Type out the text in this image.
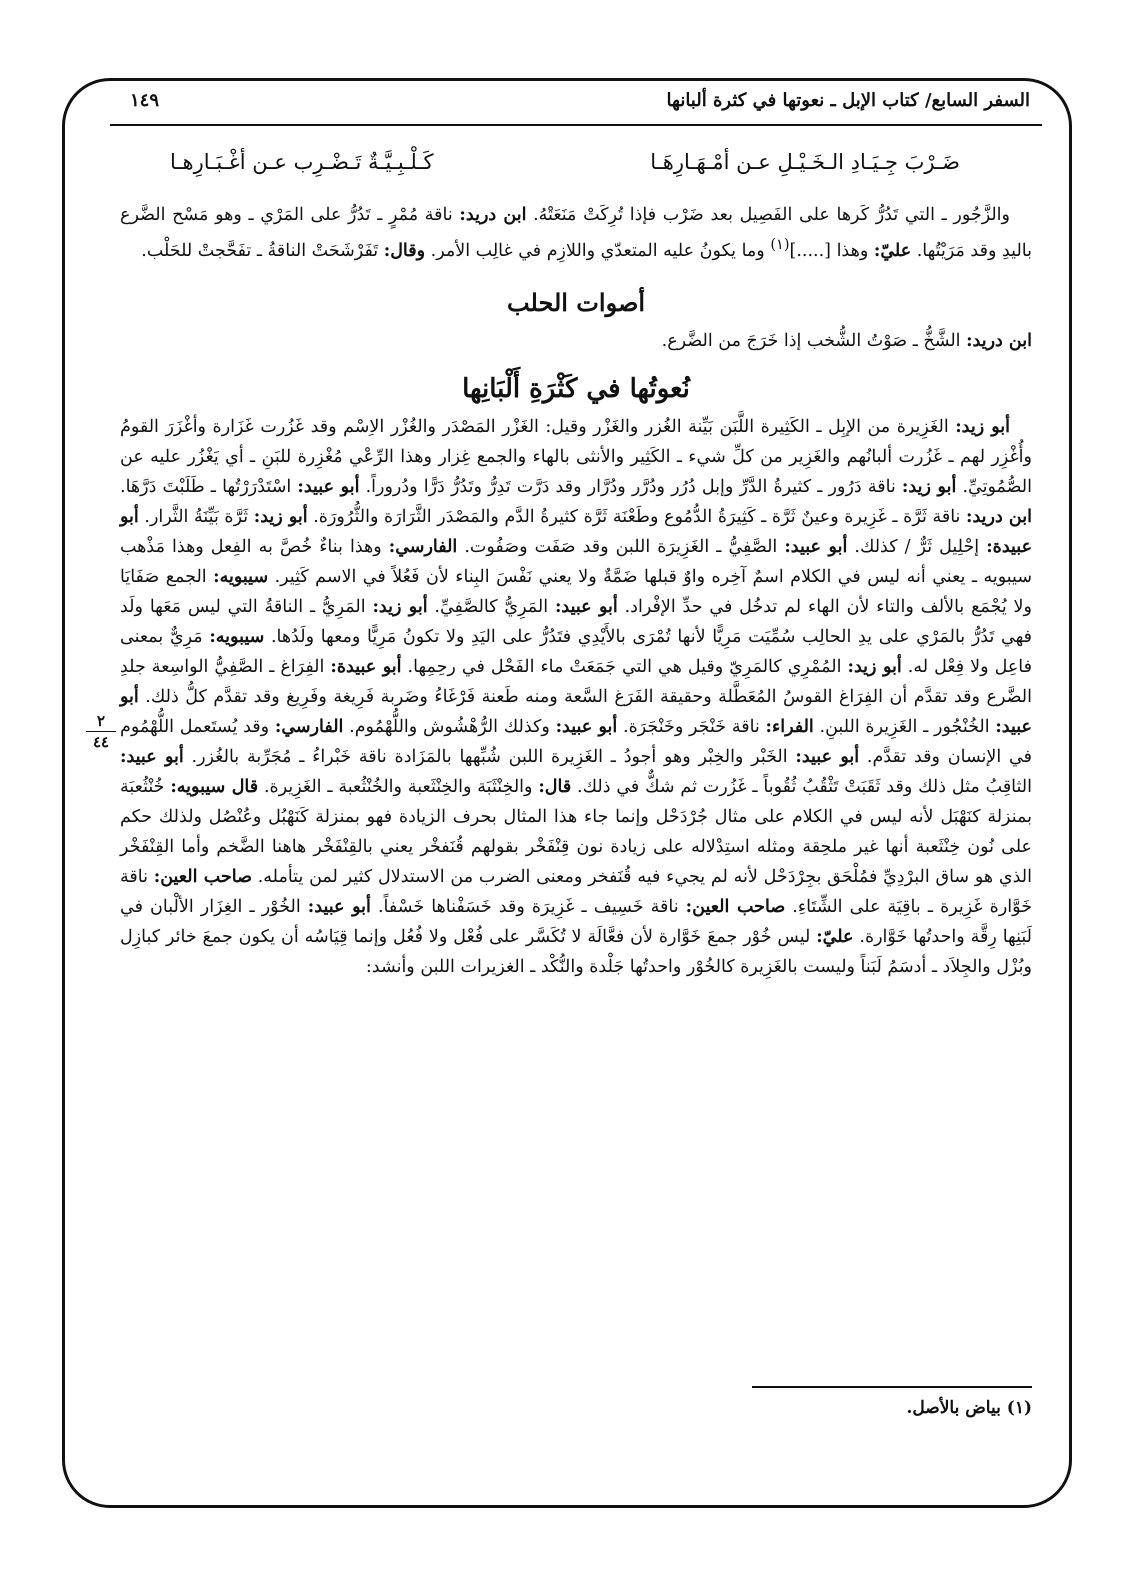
السفر السابع/ كتاب الإبل ـ نعوتها في كثرة ألبانها
١٤٩
ضَـرْبَ جِـيَـادِ الـخَـيْـلِ عـن أمْـهَـارِهَـا
كَـلْـبِـيَّـةٌ تَـضْـرِب عـن أغْـبَـارِهـا

والزَّجُور ـ التي تَدُرُّ كَرها على الفَصِيل بعد ضَرْب فإذا تُرِكَتْ مَنَعَتْهُ. ابن دريد: ناقة مُمْرٍ ـ تَدُرُّ على المَرْي ـ وهو مَسْح الضَّرع باليدِ وقد مَرَيْتُها. عليّ: وهذا [.....]$^{(١)}$ وما يكونُ عليه المتعدّي واللازِم في غالِب الأمر. وقال: تَفَرْشَحَتْ الناقةُ ـ تفَحَّجتْ للحَلْب.

أصوات الحلب

ابن دريد: الشَّخُّ ـ صَوْتُ الشُّخب إذا خَرَجَ من الضَّرع.

نُعوتُها في كَثْرَةِ أَلْبَانِها

أبو زيد: الغَزِيرة من الإبِل ـ الكَثِيرة اللَّبَن بَيِّنة الغُزر والغَزْر وقيل: الغَزْر المَصْدَر والغُزْر الاِسْم وقد غَزُرت غَزَارة وأغْزَرَ القومُ وأُغْزِر لهم ـ غَزُرت ألبانُهم والغَزِير من كلِّ شيء ـ الكَثِير والأنثى بالهاء والجمع غِزار وهذا الرِّعْي مُغْزِرة للبَنِ ـ أي يَغْزُر عليه عن الصُّمُوتِيِّ. أبو زيد: ناقة دَرُور ـ كثيرةُ الدَّرِّ وإبل دُرُر ودُرَّر ودُرَّار وقد دَرَّت تَدِرُّ وتَدُرُّ دَرًّا ودُروراً. أبو عبيد: اسْتَدْرَرْتُها ـ طَلَبْتَ دَرَّهَا. ابن دريد: ناقة ثَرَّة ـ غَزِيرة وعينٌ ثَرَّة ـ كَثِيرَةُ الدُّمُوع وطَعْنَة ثَرَّة كثيرةُ الدَّم والمَصْدَر الثَّرَارَة والثُّرُورَة. أبو زيد: ثَرَّة بَيِّنَةُ الثَّرار. أبو عبيدة: إحْلِيل ثَرٌّ / كذلك. أبو عبيد: الصَّفِيُّ ـ الغَزِيرَة اللبن وقد صَفَت وصَفُوت. الفارسي: وهذا بناءٌ خُصَّ به الفِعل وهذا مَذْهب سيبويه ـ يعني أنه ليس في الكلام اسمٌ آخِره واوٌ قبلها ضَمَّةٌ ولا يعني نَفْسَ البِناء لأن فَعُلاً في الاسم كَثِير. سيبويه: الجمع صَفَايَا ولا يُجْمَع بالألف والتاء لأن الهاء لم تدخُل في حدِّ الإفْراد. أبو عبيد: المَرِيُّ كالصَّفِيِّ. أبو زيد: المَرِيُّ ـ الناقةُ التي ليس مَعَها ولَد فهي تَدُرُّ بالمَرْي على يدِ الحالِب سُمِّيَت مَرِيًّا لأنها تُمْرَى بالأَيْدِي فتَدُرُّ على اليَدِ ولا تكونُ مَرِيًّا ومعها ولَدُها. سيبويه: مَرِيٌّ بمعنى فاعِل ولا فِعْل له. أبو زيد: المُمْرِي كالمَرِيّ وقيل هي التي جَمَعَتْ ماء الفَحْل في رحِمِها. أبو عبيدة: الفِرَاغ ـ الصَّفِيُّ الواسِعة جلدِ الضَّرع وقد تقدَّم أن الفِرَاغ القوسُ المُعَطَّلة وحقيقة الفَرَغ السَّعة ومنه طَعنة فَرْغَاءُ وضَربة فَرِيغة وفَرِيغ وقد تقدَّم كلُّ ذلك. أبو عبيد: الخُنْجُور ـ الغَزِيرة اللبنِ. الفراء: ناقة خَنْجَر وخَنْجَرَة. أبو عبيد: وكذلك الرُّهْشُوش واللُّهْمُوم. الفارسي: وقد يُستَعمل اللُّهْمُوم في الإنسان وقد تقدَّم. أبو عبيد: الخَبْر والخِبْر وهو أجودُ ـ الغَزِيرة اللبن شُبِّهها بالمَزَادة ناقة خَبْراءُ ـ مُجَرِّبة بالغُزر. أبو عبيد: الثاقِبُ مثل ذلك وقد ثَقَبَتْ تَثْقُبُ ثُقُوباً ـ غَزُرت ثم شكٌّ في ذلك. قال: والخِنْثَبَة والخِنْثَعبة والخُنْثُعبة ـ الغَزِيرة. قال سيبويه: خُنْثُعبَة بمنزلة كنَهْبَل لأنه ليس في الكلام على مثال جُرْدَحْل وإنما جاء هذا المثال بحرف الزيادة فهو بمنزلة كَنَهْبُل وعُنْصُل ولذلك حكم على نُون خِنْثَعبة أنها غير ملحِقة ومثله استِدْلاله على زيادة نون قِنْفَخْر بقولهم قُنَفخْر يعني بالقِنْفَخْر هاهنا الضَّخم وأما القِنْفَخْر الذي هو ساق البرْدِيِّ فمُلْحَق بجِرْدَحْل لأنه لم يجيء فيه قُنَفخر ومعنى الضرب من الاستدلال كثير لمن يتأمله. صاحب العين: ناقة خَوَّارة غَزِيرة ـ باقِيَة على الشِّتَاءِ. صاحب العين: ناقة خَسِيف ـ غَزِيرَة وقد خَسَفْناها خَسْفاً. أبو عبيد: الخُوْر ـ الغِزَار الألْبان في لَبَنِها رِقَّة واحدتُها خَوَّارة. عليّ: ليس خُوْر جمعَ خَوَّارة لأن فعَّالَة لا تُكَسَّر على فُعْل ولا فُعُل وإنما قِيَاسُه أن يكون جمعَ خائر كبازِل وبُزْل والجِلاَد ـ أدسَمُ لَبَناً وليست بالغَزِيرة كالخُوْر واحدتُها جَلْدة والنُّكْد ـ الغزيرات اللبن وأنشد:

٢
٤٤
(١) بياض بالأصل.
